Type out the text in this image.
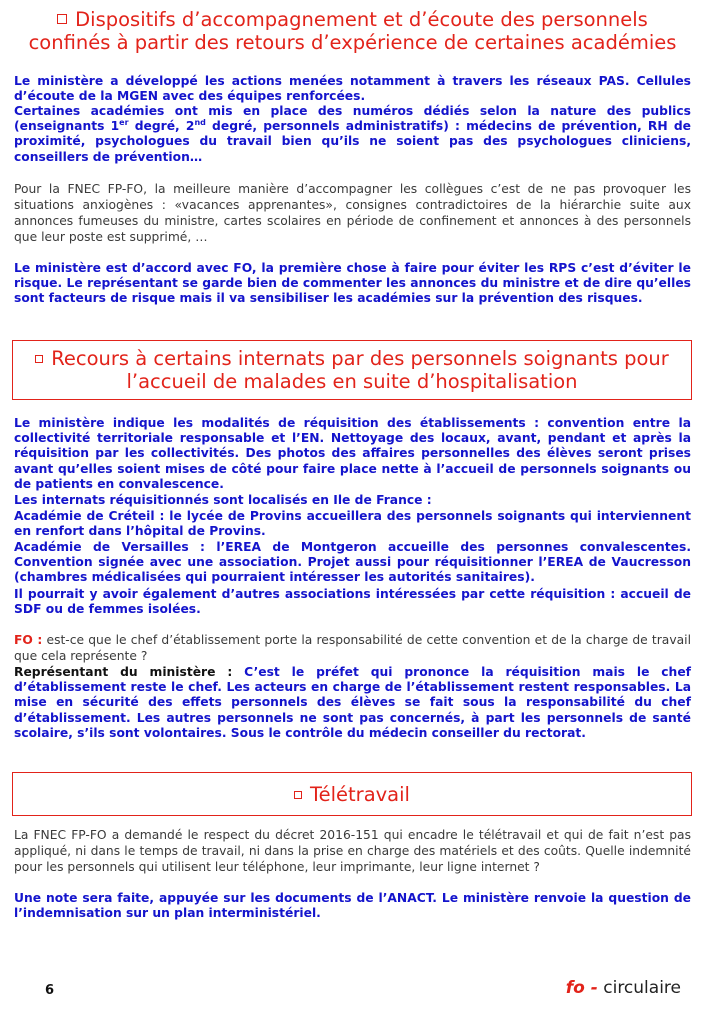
Dispositifs d’accompagnement et d’écoute des personnels
confinés à partir des retours d’expérience de certaines académies

Le ministère a développé les actions menées notamment à travers les réseaux PAS. Cellules d’écoute de la MGEN avec des équipes renforcées.

Certaines académies ont mis en place des numéros dédiés selon la nature des publics (enseignants 1er degré, 2nd degré, personnels administratifs) : médecins de prévention, RH de proximité, psychologues du travail bien qu’ils ne soient pas des psychologues cliniciens, conseillers de prévention…

Pour la FNEC FP-FO, la meilleure manière d’accompagner les collègues c’est de ne pas provoquer les situations anxiogènes : «vacances apprenantes», consignes contradictoires de la hiérarchie suite aux annonces fumeuses du ministre, cartes scolaires en période de confinement et annonces à des personnels que leur poste est supprimé, …

Le ministère est d’accord avec FO, la première chose à faire pour éviter les RPS c’est d’éviter le risque. Le représentant se garde bien de commenter les annonces du ministre et de dire qu’elles sont facteurs de risque mais il va sensibiliser les académies sur la prévention des risques.

Recours à certains internats par des personnels soignants pour
l’accueil de malades en suite d’hospitalisation

Le ministère indique les modalités de réquisition des établissements : convention entre la collectivité territoriale responsable et l’EN. Nettoyage des locaux, avant, pendant et après la réquisition par les collectivités. Des photos des affaires personnelles des élèves seront prises avant qu’elles soient mises de côté pour faire place nette à l’accueil de personnels soignants ou de patients en convalescence.

Les internats réquisitionnés sont localisés en Ile de France :

Académie de Créteil : le lycée de Provins accueillera des personnels soignants qui interviennent en renfort dans l’hôpital de Provins.

Académie de Versailles : l’EREA de Montgeron accueille des personnes convalescentes. Convention signée avec une association. Projet aussi pour réquisitionner l’EREA de Vaucresson (chambres médicalisées qui pourraient intéresser les autorités sanitaires).

Il pourrait y avoir également d’autres associations intéressées par cette réquisition : accueil de SDF ou de femmes isolées.

FO : est-ce que le chef d’établissement porte la responsabilité de cette convention et de la charge de travail que cela représente ?

Représentant du ministère : C’est le préfet qui prononce la réquisition mais le chef d’établissement reste le chef. Les acteurs en charge de l’établissement restent responsables. La mise en sécurité des effets personnels des élèves se fait sous la responsabilité du chef d’établissement. Les autres personnels ne sont pas concernés, à part les personnels de santé scolaire, s’ils sont volontaires. Sous le contrôle du médecin conseiller du rectorat.

Télétravail

La FNEC FP-FO a demandé le respect du décret 2016-151 qui encadre le télétravail et qui de fait n’est pas appliqué, ni dans le temps de travail, ni dans la prise en charge des matériels et des coûts. Quelle indemnité pour les personnels qui utilisent leur téléphone, leur imprimante, leur ligne internet ?

Une note sera faite, appuyée sur les documents de l’ANACT. Le ministère renvoie la question de l’indemnisation sur un plan interministériel.

6	fo - circulaire
